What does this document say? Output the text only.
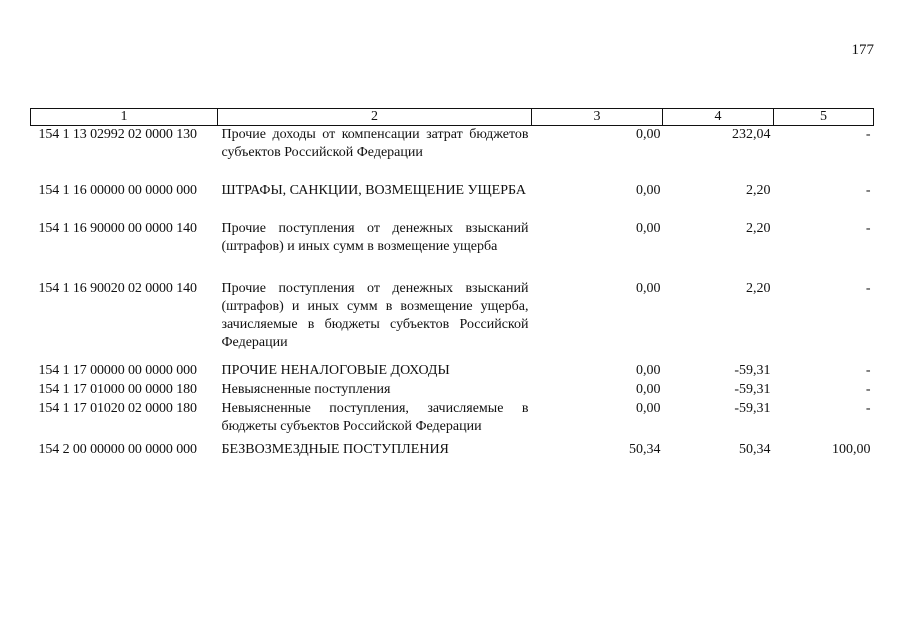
177
1	2	3	4	5
154 1 13 02992 02 0000 130	Прочие доходы от компенсации затрат бюджетов субъектов Российской Федерации	0,00	232,04	-
154 1 16 00000 00 0000 000	ШТРАФЫ, САНКЦИИ, ВОЗМЕЩЕНИЕ УЩЕРБА	0,00	2,20	-
154 1 16 90000 00 0000 140	Прочие поступления от денежных взысканий (штрафов) и иных сумм в возмещение ущерба	0,00	2,20	-
154 1 16 90020 02 0000 140	Прочие поступления от денежных взысканий (штрафов) и иных сумм в возмещение ущерба, зачисляемые в бюджеты субъектов Российской Федерации	0,00	2,20	-
154 1 17 00000 00 0000 000	ПРОЧИЕ НЕНАЛОГОВЫЕ ДОХОДЫ	0,00	-59,31	-
154 1 17 01000 00 0000 180	Невыясненные поступления	0,00	-59,31	-
154 1 17 01020 02 0000 180	Невыясненные поступления, зачисляемые в бюджеты субъектов Российской Федерации	0,00	-59,31	-
154 2 00 00000 00 0000 000	БЕЗВОЗМЕЗДНЫЕ ПОСТУПЛЕНИЯ	50,34	50,34	100,00
